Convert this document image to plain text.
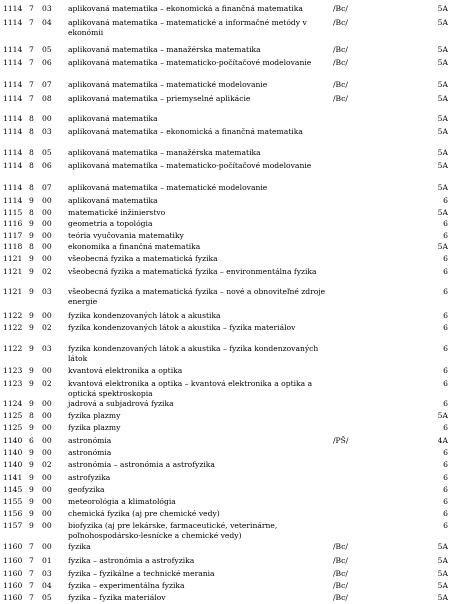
1114 7 03 aplikovaná matematika – ekonomická a finančná matematika	/Bc/	5A
1114 7 04 aplikovaná matematika – matematické a informačné metódy v ekonómii
/Bc/	5A
1114 7 05 aplikovaná matematika – manažérska matematika	/Bc/	5A
1114 7 06 aplikovaná matematika – matematicko-počítačové modelovanie	/Bc/	5A
1114 7 07 aplikovaná matematika – matematické modelovanie	/Bc/	5A
1114 7 08 aplikovaná matematika – priemyselné aplikácie	/Bc/	5A
1114 8 00 aplikovaná matematika	5A
1114 8 03 aplikovaná matematika – ekonomická a finančná matematika	5A
1114 8 05 aplikovaná matematika – manažérska matematika	5A
1114 8 06 aplikovaná matematika – matematicko-počítačové modelovanie	5A
1114 8 07 aplikovaná matematika – matematické modelovanie	5A
1114 9 00 aplikovaná matematika	6
1115 8 00 matematické inžinierstvo	5A
1116 9 00 geometria a topológia	6
1117 9 00 teória vyučovania matematiky	6
1118 8 00 ekonomika a finančná matematika	5A
1121 9 00 všeobecná fyzika a matematická fyzika	6
1121 9 02 všeobecná fyzika a matematická fyzika – environmentálna fyzika	6
1121 9 03 všeobecná fyzika a matematická fyzika – nové a obnoviteľné zdroje energie
6
1122 9 00 fyzika kondenzovaných látok a akustika	6
1122 9 02 fyzika kondenzovaných látok a akustika – fyzika materiálov	6
1122 9 03 fyzika kondenzovaných látok a akustika – fyzika kondenzovaných látok
6
1123 9 00 kvantová elektronika a optika	6
1123 9 02 kvantová elektronika a optika – kvantová elektronika a optika a optická spektroskopia
6
1124 9 00 jadrová a subjadrová fyzika	6
1125 8 00 fyzika plazmy	5A
1125 9 00 fyzika plazmy	6
1140 6 00 astronómia	/PŠ/	4A
1140 9 00 astronómia	6
1140 9 02 astronómia – astronómia a astrofyzika	6
1141 9 00 astrofyzika	6
1145 9 00 geofyzika	6
1155 9 00 meteorológia a klimatológia	6
1156 9 00 chemická fyzika (aj pre chemické vedy)	6
1157 9 00 biofyzika (aj pre lekárske, farmaceutické, veterinárne, poľnohospodársko-lesnícke a chemické vedy)
6
1160 7 00 fyzika	/Bc/	5A
1160 7 01 fyzika – astronómia a astrofyzika	/Bc/	5A
1160 7 03 fyzika – fyzikálne a technické merania	/Bc/	5A
1160 7 04 fyzika – experimentálna fyzika	/Bc/	5A
1160 7 05 fyzika – fyzika materiálov	/Bc/	5A
